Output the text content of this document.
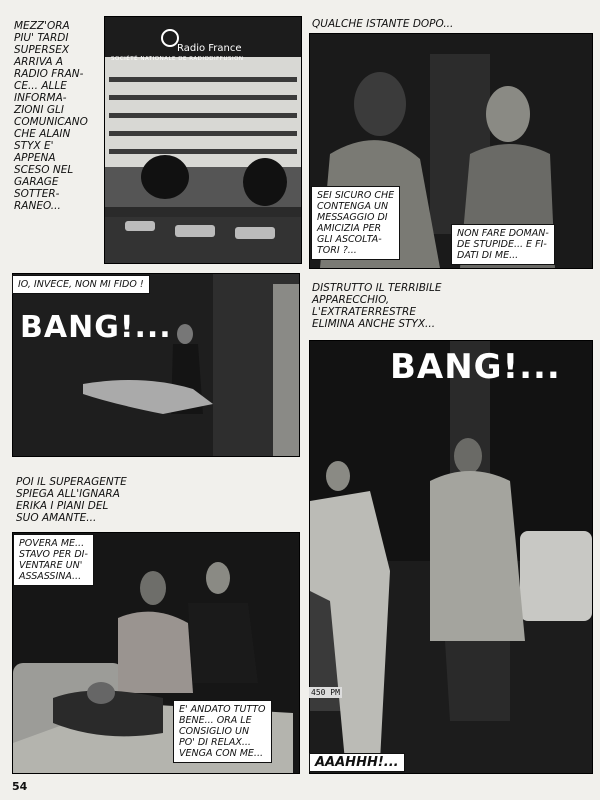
MEZZ'ORA
PIU' TARDI
SUPERSEX
ARRIVA A
RADIO FRAN-
CE... ALLE
INFORMA-
ZIONI GLI
COMUNICANO
CHE ALAIN
STYX E'
APPENA
SCESO NEL
GARAGE
SOTTER-
RANEO...
Radio France
SOCIÉTÉ NATIONALE DE RADIODIFFUSION
QUALCHE ISTANTE DOPO...
SEI SICURO CHE
CONTENGA UN
MESSAGGIO DI
AMICIZIA PER
GLI ASCOLTA-
TORI ?...
NON FARE DOMAN-
DE STUPIDE... E FI-
DATI DI ME...
IO, INVECE, NON MI FIDO !
BANG!...
DISTRUTTO IL TERRIBILE
APPARECCHIO,
L'EXTRATERRESTRE
ELIMINA ANCHE STYX...
BANG!...
450 PM
AAAHHH!...
POI IL SUPERAGENTE
SPIEGA ALL'IGNARA
ERIKA I PIANI DEL
SUO AMANTE...
POVERA ME...
STAVO PER DI-
VENTARE UN'
ASSASSINA...
E' ANDATO TUTTO
BENE... ORA LE
CONSIGLIO UN
PO' DI RELAX...
VENGA CON ME...
54
